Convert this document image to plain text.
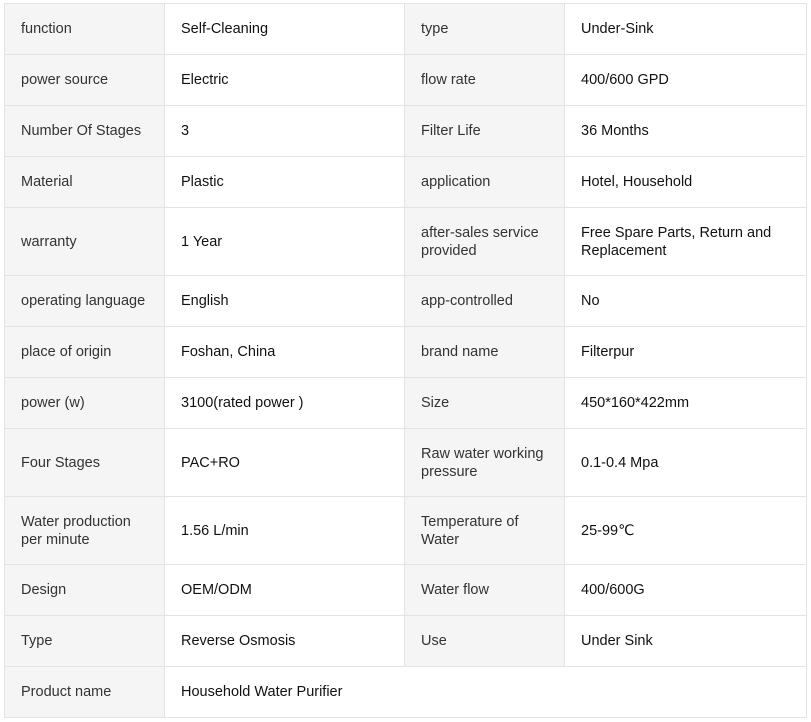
function	Self-Cleaning	type	Under-Sink
power source	Electric	flow rate	400/600 GPD
Number Of Stages	3	Filter Life	36 Months
Material	Plastic	application	Hotel, Household
warranty	1 Year	after-sales service provided	Free Spare Parts, Return and Replacement
operating language	English	app-controlled	No
place of origin	Foshan, China	brand name	Filterpur
power (w)	3100(rated power )	Size	450*160*422mm
Four Stages	PAC+RO	Raw water working pressure	0.1-0.4 Mpa
Water production per minute	1.56 L/min	Temperature of Water	25-99℃
Design	OEM/ODM	Water flow	400/600G
Type	Reverse Osmosis	Use	Under Sink
Product name	Household Water Purifier		
